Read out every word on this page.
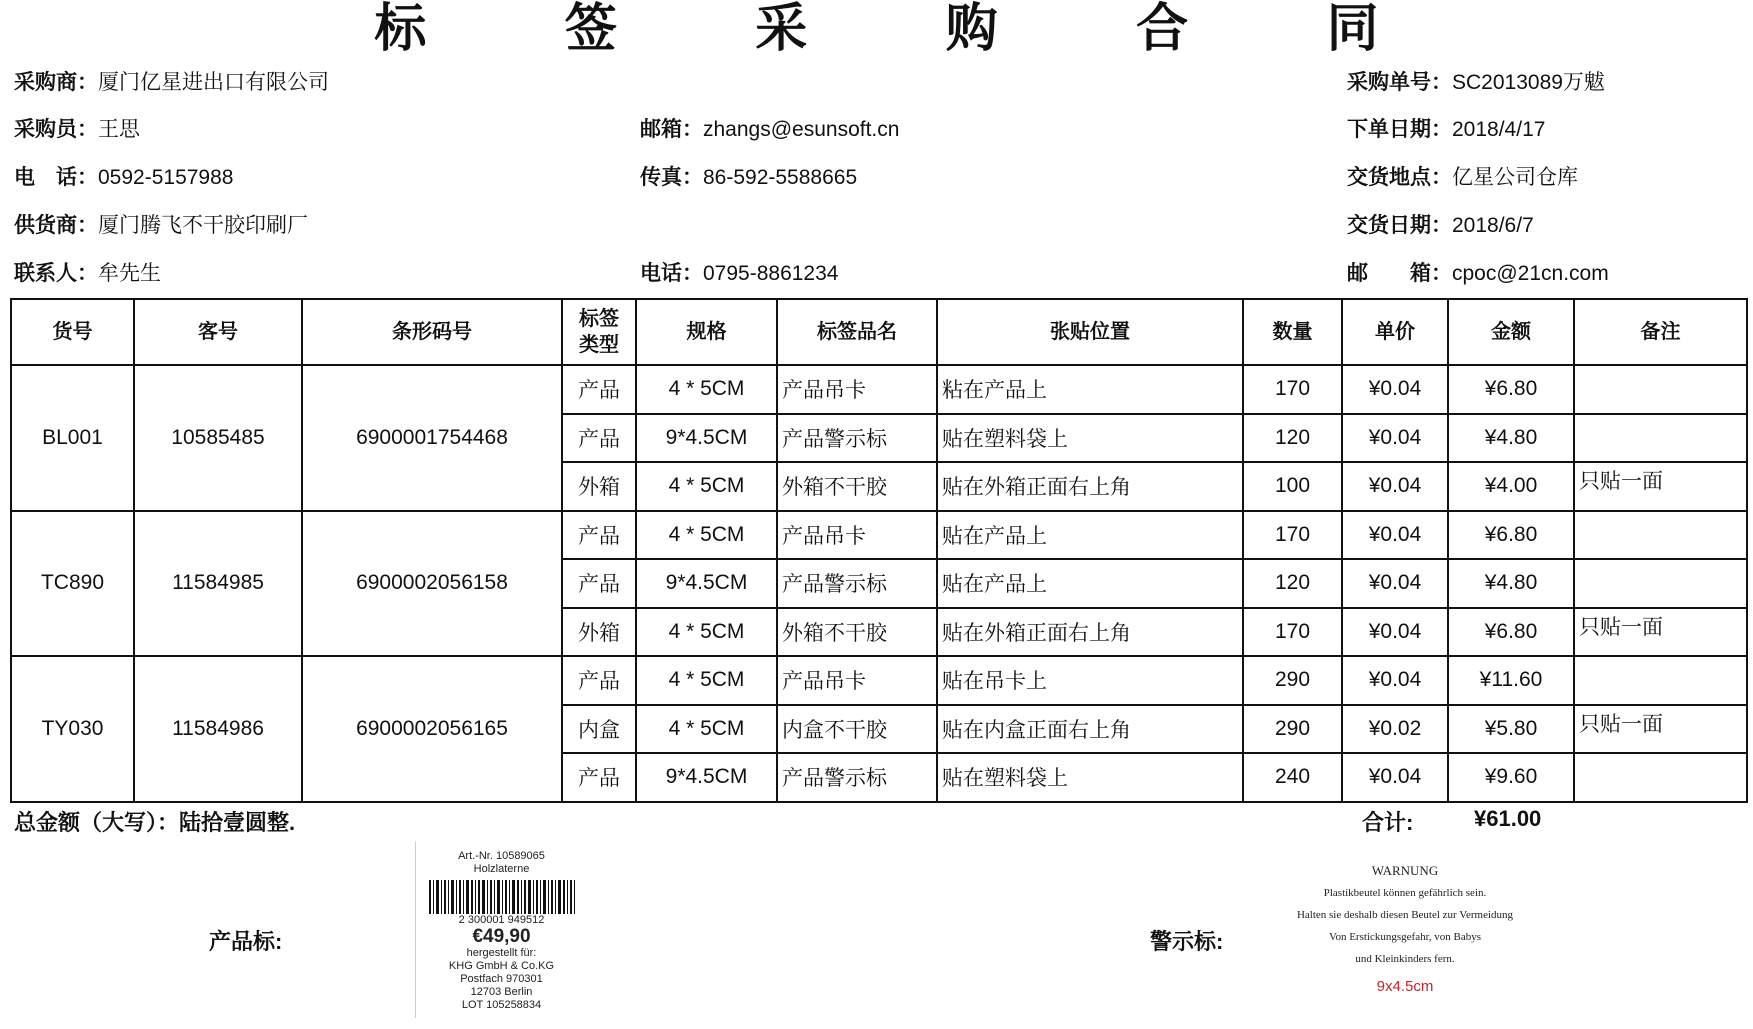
标 签 采 购 合 同
采购商：厦门亿星进出口有限公司	采购单号：SC2013089万魃
采购员：王思	邮箱：zhangs@esunsoft.cn	下单日期：2018/4/17
电　话：0592-5157988	传真：86-592-5588665	交货地点：亿星公司仓库
供货商：厦门腾飞不干胶印刷厂	交货日期：2018/6/7
联系人：牟先生	电话：0795-8861234	邮　　箱：cpoc@21cn.com
货号	客号	条形码号	标签类型	规格	标签品名	张贴位置	数量	单价	金额	备注
BL001	10585485	6900001754468	产品	4 * 5CM	产品吊卡	粘在产品上	170	¥0.04	¥6.80	
			产品	9*4.5CM	产品警示标	贴在塑料袋上	120	¥0.04	¥4.80	
			外箱	4 * 5CM	外箱不干胶	贴在外箱正面右上角	100	¥0.04	¥4.00	只贴一面
TC890	11584985	6900002056158	产品	4 * 5CM	产品吊卡	贴在产品上	170	¥0.04	¥6.80	
			产品	9*4.5CM	产品警示标	贴在产品上	120	¥0.04	¥4.80	
			外箱	4 * 5CM	外箱不干胶	贴在外箱正面右上角	170	¥0.04	¥6.80	只贴一面
TY030	11584986	6900002056165	产品	4 * 5CM	产品吊卡	贴在吊卡上	290	¥0.04	¥11.60	
			内盒	4 * 5CM	内盒不干胶	贴在内盒正面右上角	290	¥0.02	¥5.80	只贴一面
			产品	9*4.5CM	产品警示标	贴在塑料袋上	240	¥0.04	¥9.60	
总金额（大写）：陆拾壹圆整.	合计:	¥61.00
产品标:	警示标:
Art.-Nr. 10589065
Holzlaterne
2 300001 949512
€49,90
hergestellt für:
KHG GmbH & Co.KG
Postfach 970301
12703 Berlin
LOT 105258834
WARNUNG
Plastikbeutel können gefährlich sein.
Halten sie deshalb diesen Beutel zur Vermeidung
Von Erstickungsgefahr, von Babys
und Kleinkinders fern.
9x4.5cm
